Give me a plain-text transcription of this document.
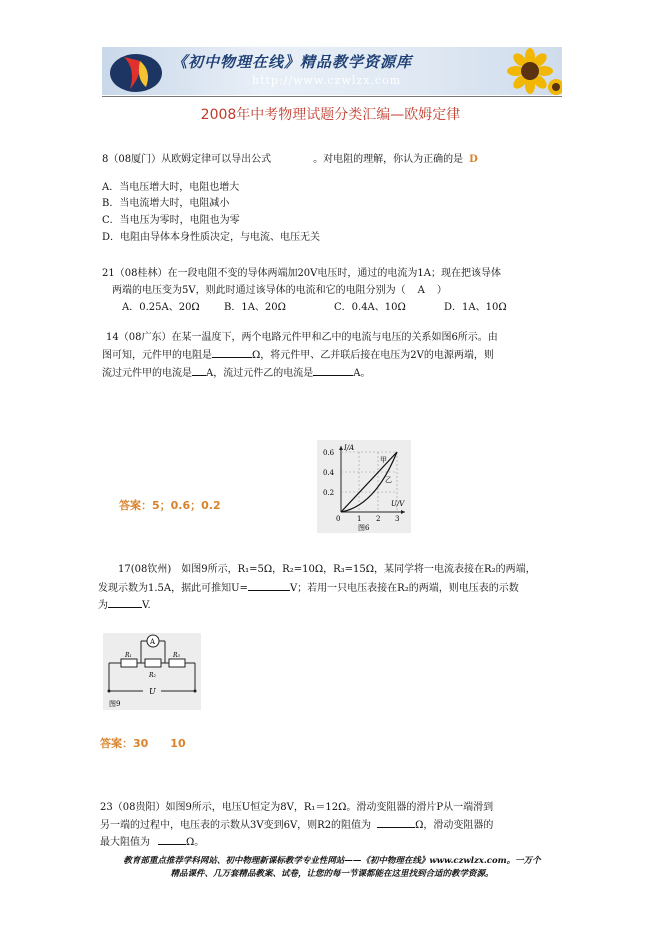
《初中物理在线》精品教学资源库
http://www.czwlzx.com
2008年中考物理试题分类汇编—欧姆定律
8（08厦门）从欧姆定律可以导出公式	。对电阻的理解，你认为正确的是 D
A．当电压增大时，电阻也增大
B．当电流增大时，电阻减小
C．当电压为零时，电阻也为零
D．电阻由导体本身性质决定，与电流、电压无关
21（08桂林）在一段电阻不变的导体两端加20V电压时，通过的电流为1A；现在把该导体
两端的电压变为5V，则此时通过该导体的电流和它的电阻分别为（ A ）
A．0.25A、20Ω B．1A、20Ω	C．0.4A、10Ω	D．1A、10Ω
14（08广东）在某一温度下，两个电路元件甲和乙中的电流与电压的关系如图6所示。由
图可知，元件甲的电阻是	Ω，将元件甲、乙并联后接在电压为2V的电源两端，则
流过元件甲的电流是 A，流过元件乙的电流是	A。
I/A
U/V
0.6
0.4
0.2
0 1 2 3
甲
乙
图6
答案：5；0.6；0.2
17(08钦州)　如图9所示，R₁=5Ω，R₂=10Ω，R₃=15Ω，某同学将一电流表接在R₂的两端，
发现示数为1.5A，据此可推知U=	V；若用一只电压表接在R₂的两端，则电压表的示数
为	V.
A
R₁
R₂
R₃
U
图9
答案：30　　10
23（08贵阳）如图9所示，电压U恒定为8V，R₁＝12Ω。滑动变阻器的滑片P从一端滑到
另一端的过程中，电压表的示数从3V变到6V，则R2的阻值为	Ω，滑动变阻器的
最大阻值为	Ω。
教育部重点推荐学科网站、初中物理新课标教学专业性网站——《初中物理在线》www.czwlzx.com。一万个
精品课件、几万套精品教案、试卷，让您的每一节课都能在这里找到合适的教学资源。
